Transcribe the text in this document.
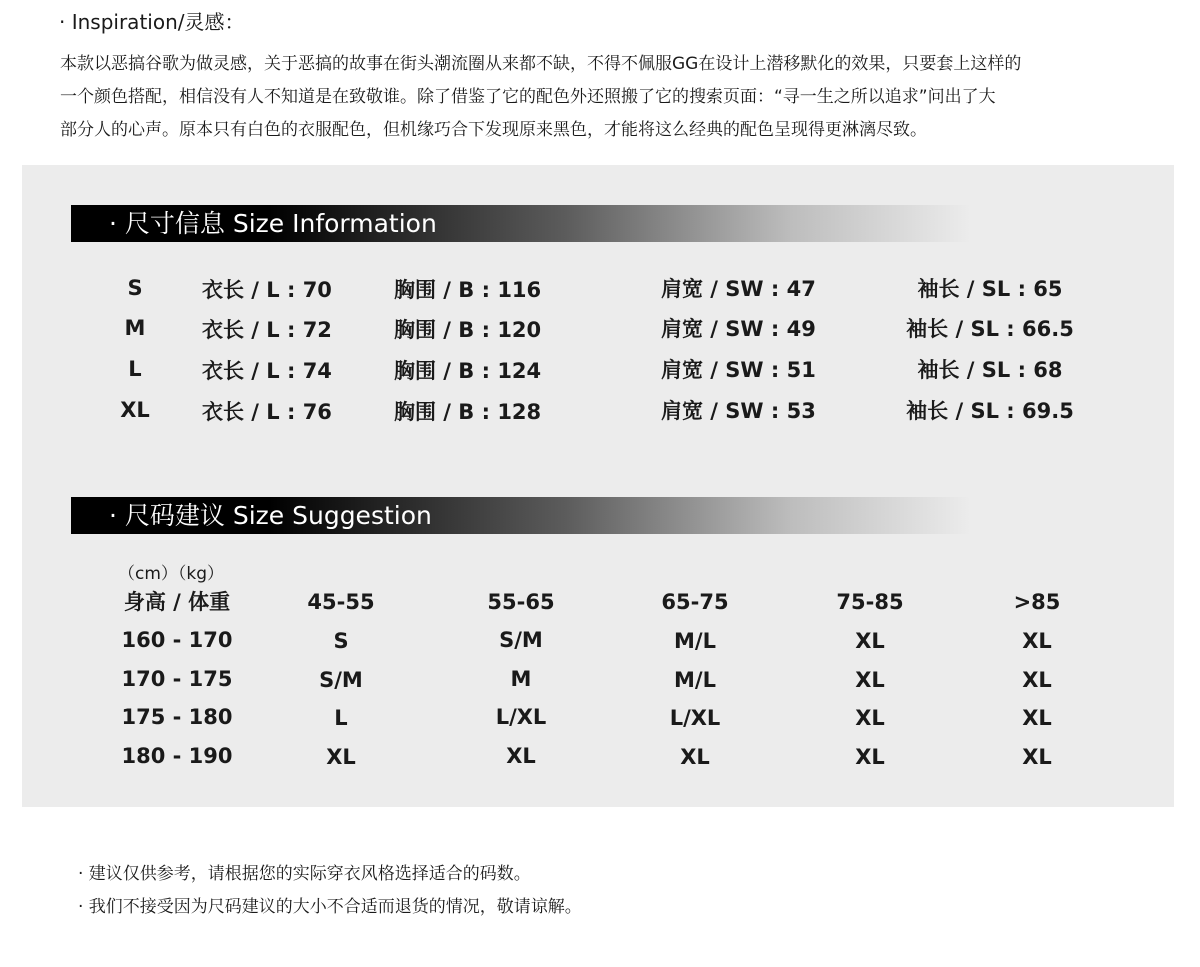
· Inspiration/灵感：

本款以恶搞谷歌为做灵感，关于恶搞的故事在街头潮流圈从来都不缺，不得不佩服GG在设计上潜移默化的效果，只要套上这样的

一个颜色搭配，相信没有人不知道是在致敬谁。除了借鉴了它的配色外还照搬了它的搜索页面：“寻一生之所以追求”问出了大

部分人的心声。原本只有白色的衣服配色，但机缘巧合下发现原来黑色，才能将这么经典的配色呈现得更淋漓尽致。

· 尺寸信息 Size Information
S	衣长 / L : 70	胸围 / B : 116	肩宽 / SW : 47	袖长 / SL : 65
M	衣长 / L : 72	胸围 / B : 120	肩宽 / SW : 49	袖长 / SL : 66.5
L	衣长 / L : 74	胸围 / B : 124	肩宽 / SW : 51	袖长 / SL : 68
XL	衣长 / L : 76	胸围 / B : 128	肩宽 / SW : 53	袖长 / SL : 69.5
· 尺码建议 Size Suggestion
（cm）（kg）
身高 / 体重	45-55	55-65	65-75	75-85	>85
160 - 170	S	S/M	M/L	XL	XL
170 - 175	S/M	M	M/L	XL	XL
175 - 180	L	L/XL	L/XL	XL	XL
180 - 190	XL	XL	XL	XL	XL

· 建议仅供参考，请根据您的实际穿衣风格选择适合的码数。

· 我们不接受因为尺码建议的大小不合适而退货的情况，敬请谅解。
